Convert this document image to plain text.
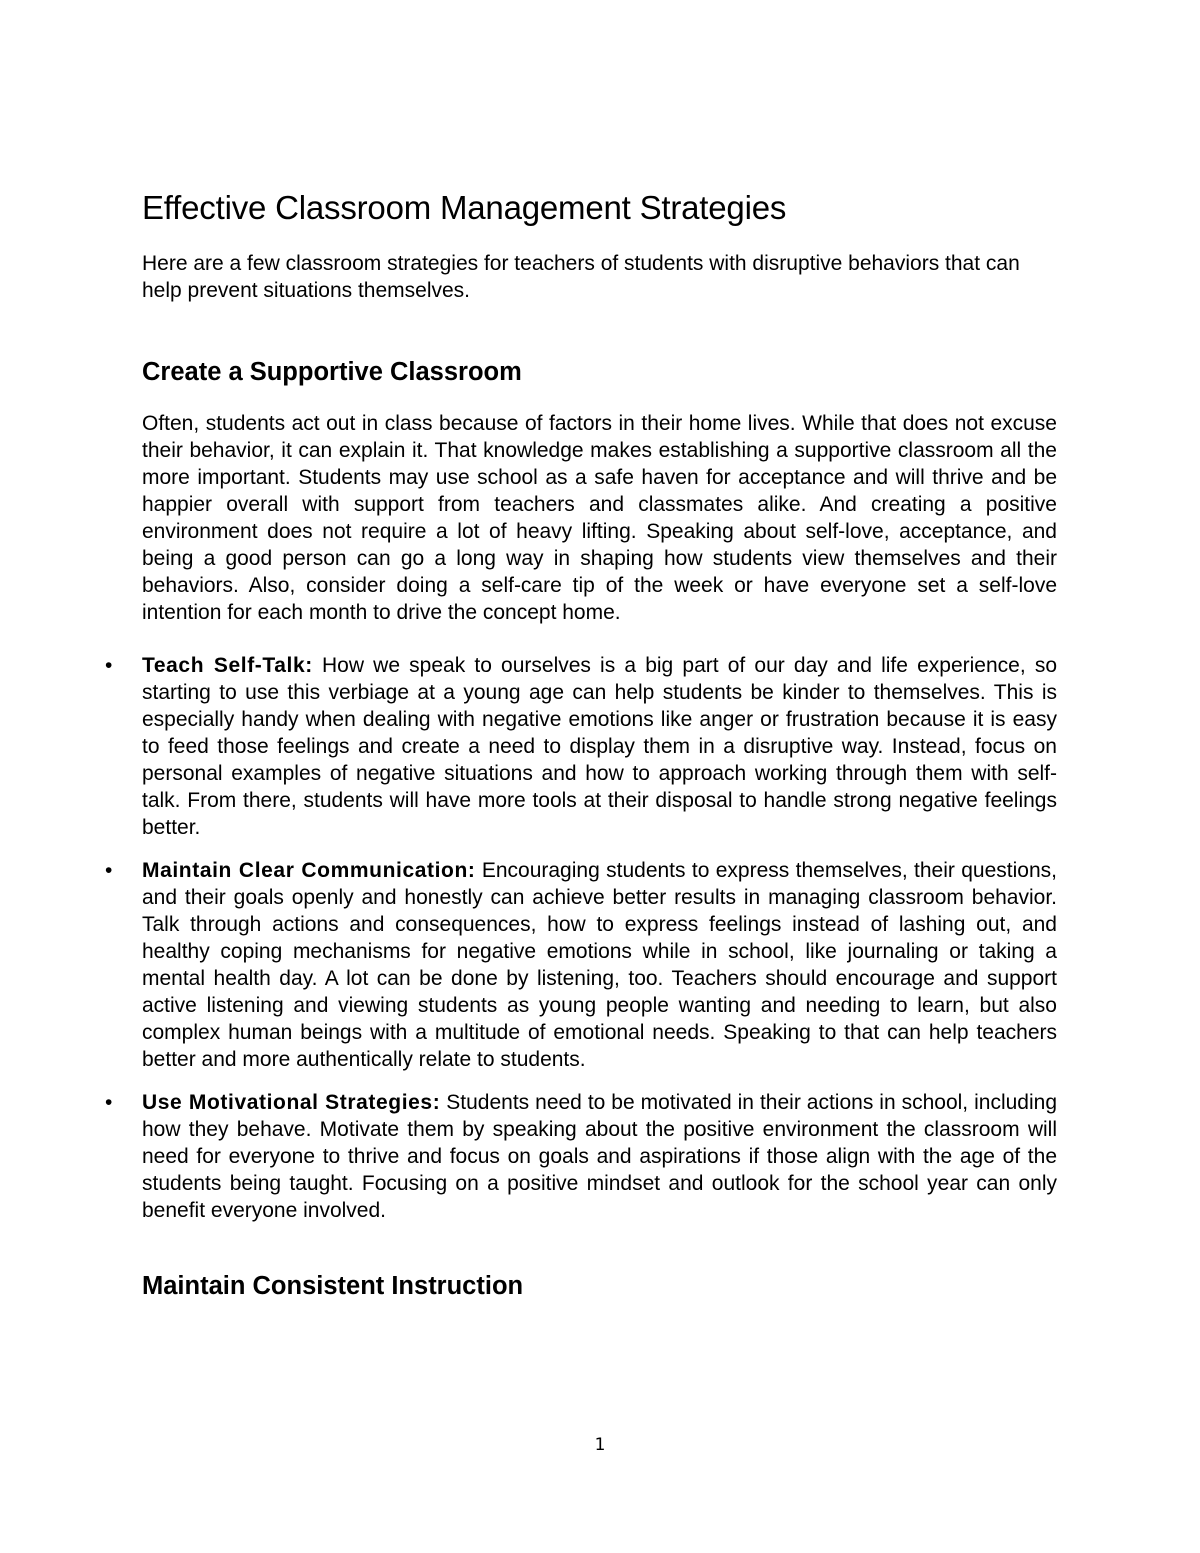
Effective Classroom Management Strategies

Here are a few classroom strategies for teachers of students with disruptive behaviors that can help prevent situations themselves.

Create a Supportive Classroom

Often, students act out in class because of factors in their home lives. While that does not excuse their behavior, it can explain it. That knowledge makes establishing a supportive classroom all the more important. Students may use school as a safe haven for acceptance and will thrive and be happier overall with support from teachers and classmates alike. And creating a positive environment does not require a lot of heavy lifting. Speaking about self-love, acceptance, and being a good person can go a long way in shaping how students view themselves and their behaviors. Also, consider doing a self-care tip of the week or have everyone set a self-love intention for each month to drive the concept home.

• Teach Self-Talk: How we speak to ourselves is a big part of our day and life experience, so starting to use this verbiage at a young age can help students be kinder to themselves. This is especially handy when dealing with negative emotions like anger or frustration because it is easy to feed those feelings and create a need to display them in a disruptive way. Instead, focus on personal examples of negative situations and how to approach working through them with self-talk. From there, students will have more tools at their disposal to handle strong negative feelings better.
• Maintain Clear Communication: Encouraging students to express themselves, their questions, and their goals openly and honestly can achieve better results in managing classroom behavior. Talk through actions and consequences, how to express feelings instead of lashing out, and healthy coping mechanisms for negative emotions while in school, like journaling or taking a mental health day. A lot can be done by listening, too. Teachers should encourage and support active listening and viewing students as young people wanting and needing to learn, but also complex human beings with a multitude of emotional needs. Speaking to that can help teachers better and more authentically relate to students.
• Use Motivational Strategies: Students need to be motivated in their actions in school, including how they behave. Motivate them by speaking about the positive environment the classroom will need for everyone to thrive and focus on goals and aspirations if those align with the age of the students being taught. Focusing on a positive mindset and outlook for the school year can only benefit everyone involved.
Maintain Consistent Instruction
1
